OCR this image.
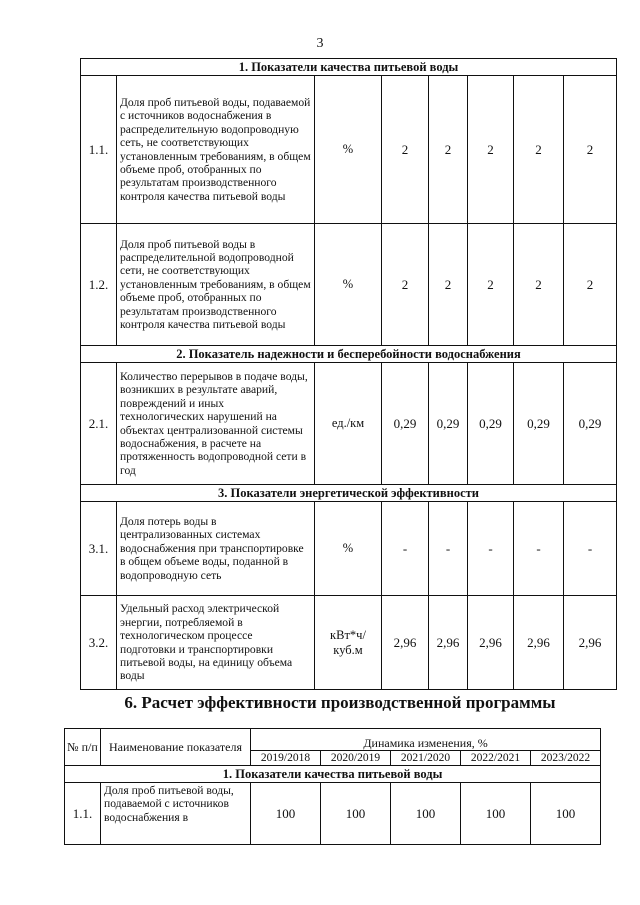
3
1. Показатели качества питьевой воды							
1.1.	Доля проб питьевой воды, подаваемой с источников водоснабжения в распределительную водопроводную сеть, не соответствующих установленным требованиям, в общем объеме проб, отобранных по результатам производственного контроля качества питьевой воды	%	2	2	2	2	2
1.2.	Доля проб питьевой воды в распределительной водопроводной сети, не соответствующих установленным требованиям, в общем объеме проб, отобранных по результатам производственного контроля качества питьевой воды	%	2	2	2	2	2
2. Показатель надежности и бесперебойности водоснабжения							
2.1.	Количество перерывов в подаче воды, возникших в результате аварий, повреждений и иных технологических нарушений на объектах централизованной системы водоснабжения, в расчете на протяженность водопроводной сети в год	ед./км	0,29	0,29	0,29	0,29	0,29
3. Показатели энергетической эффективности							
3.1.	Доля потерь воды в централизованных системах водоснабжения при транспортировке в общем объеме воды, поданной в водопроводную сеть	%	-	-	-	-	-
3.2.	Удельный расход электрической энергии, потребляемой в технологическом процессе подготовки и транспортировки питьевой воды, на единицу объема воды	кВт*ч/ куб.м	2,96	2,96	2,96	2,96	2,96
6. Расчет эффективности производственной программы
№ п/п	Наименование показателя	Динамика изменения, %				
		2019/2018	2020/2019	2021/2020	2022/2021	2023/2022
1. Показатели качества питьевой воды						
1.1.	Доля проб питьевой воды, подаваемой с источников водоснабжения в	100	100	100	100	100
